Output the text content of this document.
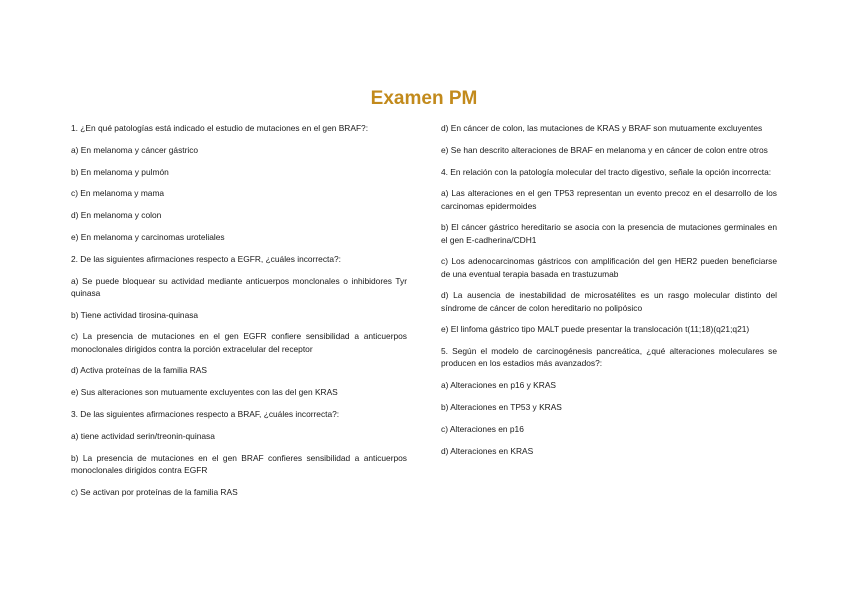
Examen PM

1. ¿En qué patologías está indicado el estudio de mutaciones en el gen BRAF?:

a) En melanoma y cáncer gástrico

b) En melanoma y pulmón

c) En melanoma y mama

d) En melanoma y colon

e) En melanoma y carcinomas uroteliales

2. De las siguientes afirmaciones respecto a EGFR, ¿cuáles incorrecta?:

a) Se puede bloquear su actividad mediante anticuerpos monclonales o inhibidores Tyr quinasa

b) Tiene actividad tirosina-quinasa

c) La presencia de mutaciones en el gen EGFR confiere sensibilidad a anticuerpos monoclonales dirigidos contra la porción extracelular del receptor

d) Activa proteínas de la familia RAS

e) Sus alteraciones son mutuamente excluyentes con las del gen KRAS

3. De las siguientes afirmaciones respecto a BRAF, ¿cuáles incorrecta?:

a) tiene actividad serin/treonin-quinasa

b) La presencia de mutaciones en el gen BRAF confieres sensibilidad a anticuerpos monoclonales dirigidos contra EGFR

c) Se activan por proteínas de la familia RAS

d) En cáncer de colon, las mutaciones de KRAS y BRAF son mutuamente excluyentes

e) Se han descrito alteraciones de BRAF en melanoma y en cáncer de colon entre otros

4. En relación con la patología molecular del tracto digestivo, señale la opción incorrecta:

a) Las alteraciones en el gen TP53 representan un evento precoz en el desarrollo de los carcinomas epidermoides

b) El cáncer gástrico hereditario se asocia con la presencia de mutaciones germinales en el gen E-cadherina/CDH1

c) Los adenocarcinomas gástricos con amplificación del gen HER2 pueden beneficiarse de una eventual terapia basada en trastuzumab

d) La ausencia de inestabilidad de microsatélites es un rasgo molecular distinto del síndrome de cáncer de colon hereditario no polipósico

e) El linfoma gástrico tipo MALT puede presentar la translocación t(11;18)(q21;q21)

5. Según el modelo de carcinogénesis pancreática, ¿qué alteraciones moleculares se producen en los estadios más avanzados?:

a) Alteraciones en p16 y KRAS

b) Alteraciones en TP53 y KRAS

c) Alteraciones en p16

d) Alteraciones en KRAS
